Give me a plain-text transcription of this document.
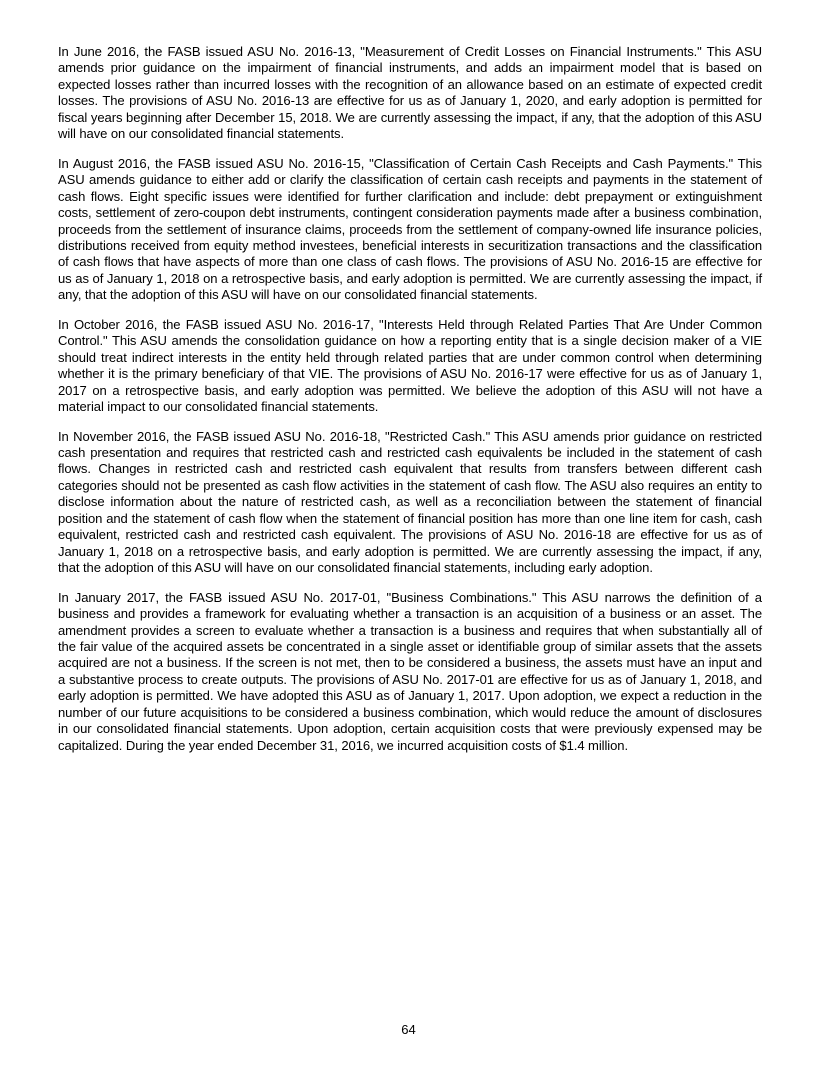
In June 2016, the FASB issued ASU No. 2016-13, "Measurement of Credit Losses on Financial Instruments." This ASU amends prior guidance on the impairment of financial instruments, and adds an impairment model that is based on expected losses rather than incurred losses with the recognition of an allowance based on an estimate of expected credit losses. The provisions of ASU No. 2016-13 are effective for us as of January 1, 2020, and early adoption is permitted for fiscal years beginning after December 15, 2018. We are currently assessing the impact, if any, that the adoption of this ASU will have on our consolidated financial statements.

In August 2016, the FASB issued ASU No. 2016-15, "Classification of Certain Cash Receipts and Cash Payments." This ASU amends guidance to either add or clarify the classification of certain cash receipts and payments in the statement of cash flows. Eight specific issues were identified for further clarification and include: debt prepayment or extinguishment costs, settlement of zero-coupon debt instruments, contingent consideration payments made after a business combination, proceeds from the settlement of insurance claims, proceeds from the settlement of company-owned life insurance policies, distributions received from equity method investees, beneficial interests in securitization transactions and the classification of cash flows that have aspects of more than one class of cash flows. The provisions of ASU No. 2016-15 are effective for us as of January 1, 2018 on a retrospective basis, and early adoption is permitted. We are currently assessing the impact, if any, that the adoption of this ASU will have on our consolidated financial statements.

In October 2016, the FASB issued ASU No. 2016-17, "Interests Held through Related Parties That Are Under Common Control." This ASU amends the consolidation guidance on how a reporting entity that is a single decision maker of a VIE should treat indirect interests in the entity held through related parties that are under common control when determining whether it is the primary beneficiary of that VIE. The provisions of ASU No. 2016-17 were effective for us as of January 1, 2017 on a retrospective basis, and early adoption was permitted. We believe the adoption of this ASU will not have a material impact to our consolidated financial statements.

In November 2016, the FASB issued ASU No. 2016-18, "Restricted Cash." This ASU amends prior guidance on restricted cash presentation and requires that restricted cash and restricted cash equivalents be included in the statement of cash flows. Changes in restricted cash and restricted cash equivalent that results from transfers between different cash categories should not be presented as cash flow activities in the statement of cash flow. The ASU also requires an entity to disclose information about the nature of restricted cash, as well as a reconciliation between the statement of financial position and the statement of cash flow when the statement of financial position has more than one line item for cash, cash equivalent, restricted cash and restricted cash equivalent. The provisions of ASU No. 2016-18 are effective for us as of January 1, 2018 on a retrospective basis, and early adoption is permitted. We are currently assessing the impact, if any, that the adoption of this ASU will have on our consolidated financial statements, including early adoption.

In January 2017, the FASB issued ASU No. 2017-01, "Business Combinations." This ASU narrows the definition of a business and provides a framework for evaluating whether a transaction is an acquisition of a business or an asset. The amendment provides a screen to evaluate whether a transaction is a business and requires that when substantially all of the fair value of the acquired assets be concentrated in a single asset or identifiable group of similar assets that the assets acquired are not a business. If the screen is not met, then to be considered a business, the assets must have an input and a substantive process to create outputs. The provisions of ASU No. 2017-01 are effective for us as of January 1, 2018, and early adoption is permitted. We have adopted this ASU as of January 1, 2017. Upon adoption, we expect a reduction in the number of our future acquisitions to be considered a business combination, which would reduce the amount of disclosures in our consolidated financial statements. Upon adoption, certain acquisition costs that were previously expensed may be capitalized. During the year ended December 31, 2016, we incurred acquisition costs of $1.4 million.

64
